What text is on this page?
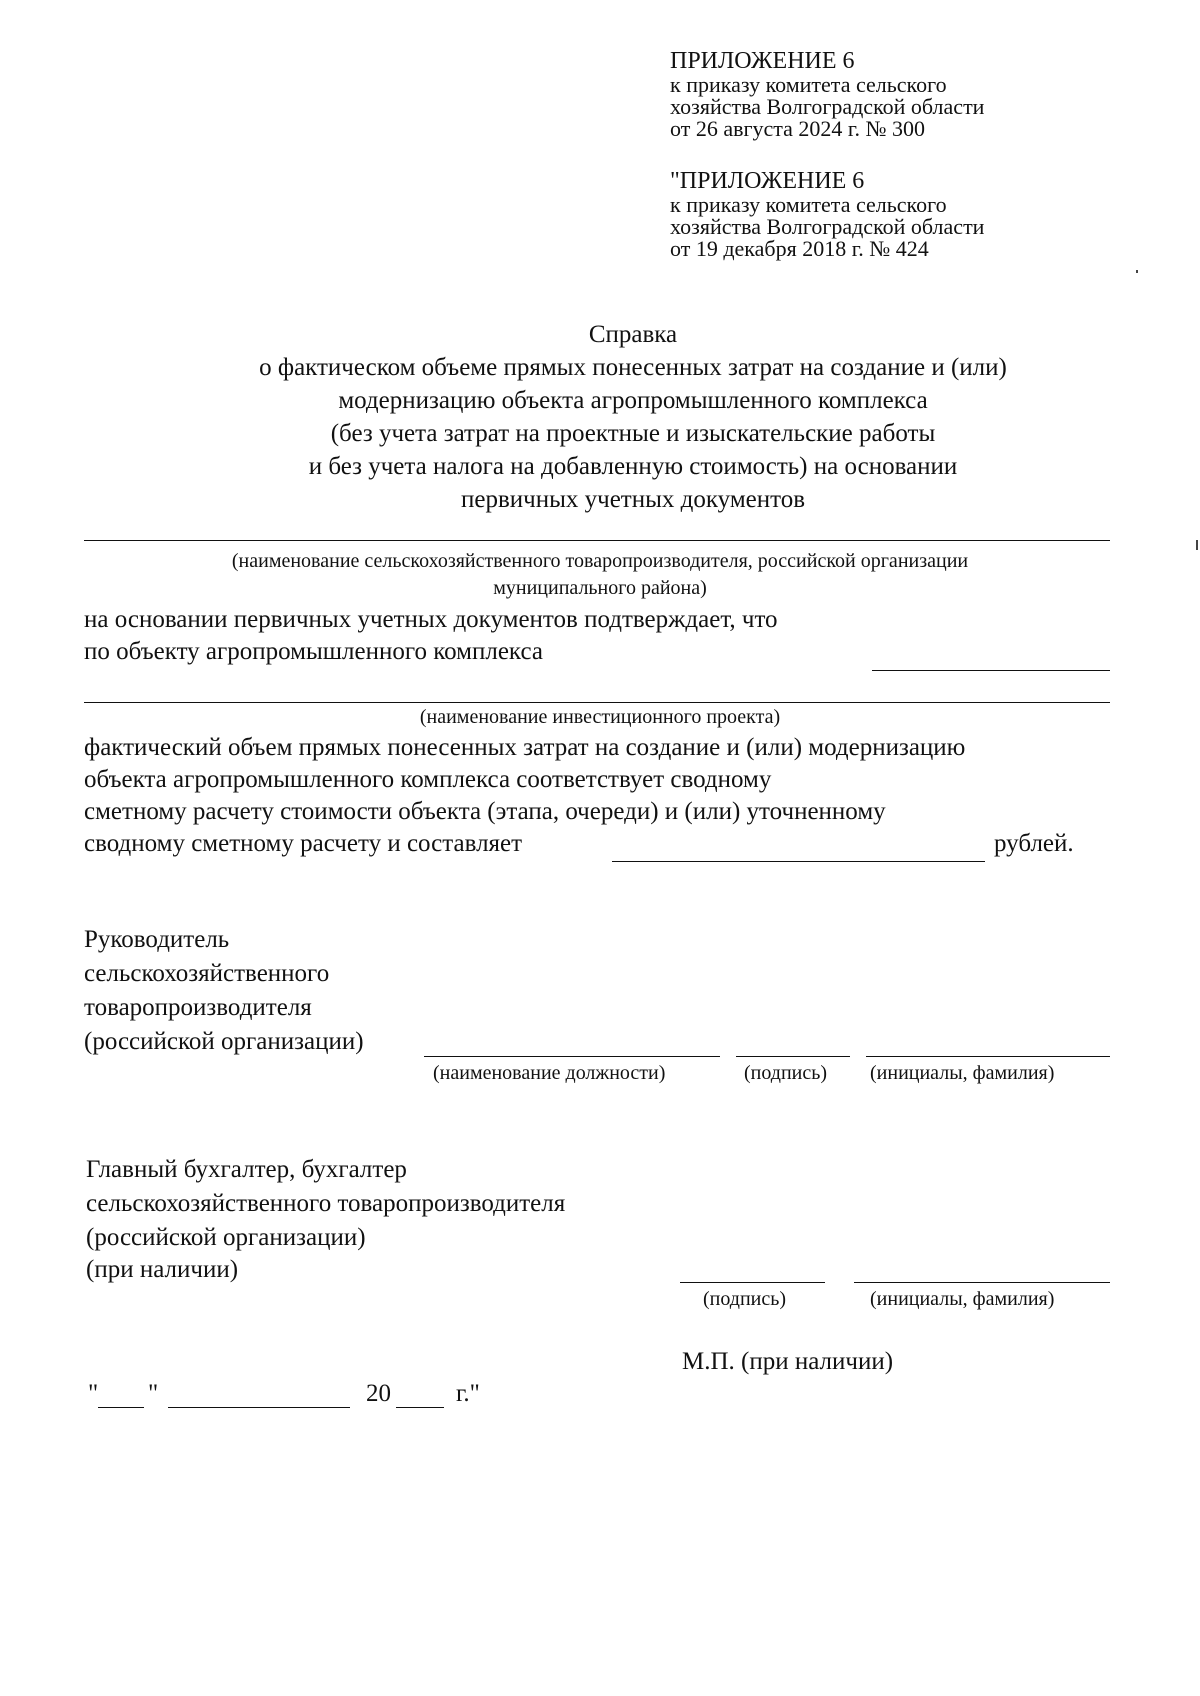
ПРИЛОЖЕНИЕ 6
к приказу комитета сельского
хозяйства Волгоградской области
от 26 августа 2024 г. № 300
"ПРИЛОЖЕНИЕ 6
к приказу комитета сельского
хозяйства Волгоградской области
от 19 декабря 2018 г. № 424
Справка
о фактическом объеме прямых понесенных затрат на создание и (или)
модернизацию объекта агропромышленного комплекса
(без учета затрат на проектные и изыскательские работы
и без учета налога на добавленную стоимость) на основании
первичных учетных документов
(наименование сельскохозяйственного товаропроизводителя, российской организации
муниципального района)
на основании первичных учетных документов подтверждает, что
по объекту агропромышленного комплекса
(наименование инвестиционного проекта)
фактический объем прямых понесенных затрат на создание и (или) модернизацию
объекта агропромышленного комплекса соответствует сводному
сметному расчету стоимости объекта (этапа, очереди) и (или) уточненному
сводному сметному расчету и составляет	рублей.
Руководитель
сельскохозяйственного
товаропроизводителя
(российской организации)
(наименование должности)	(подпись) (инициалы, фамилия)
Главный бухгалтер, бухгалтер
сельскохозяйственного товаропроизводителя
(российской организации)
(при наличии)
(подпись)	(инициалы, фамилия)
М.П. (при наличии)
" "	20	г."
